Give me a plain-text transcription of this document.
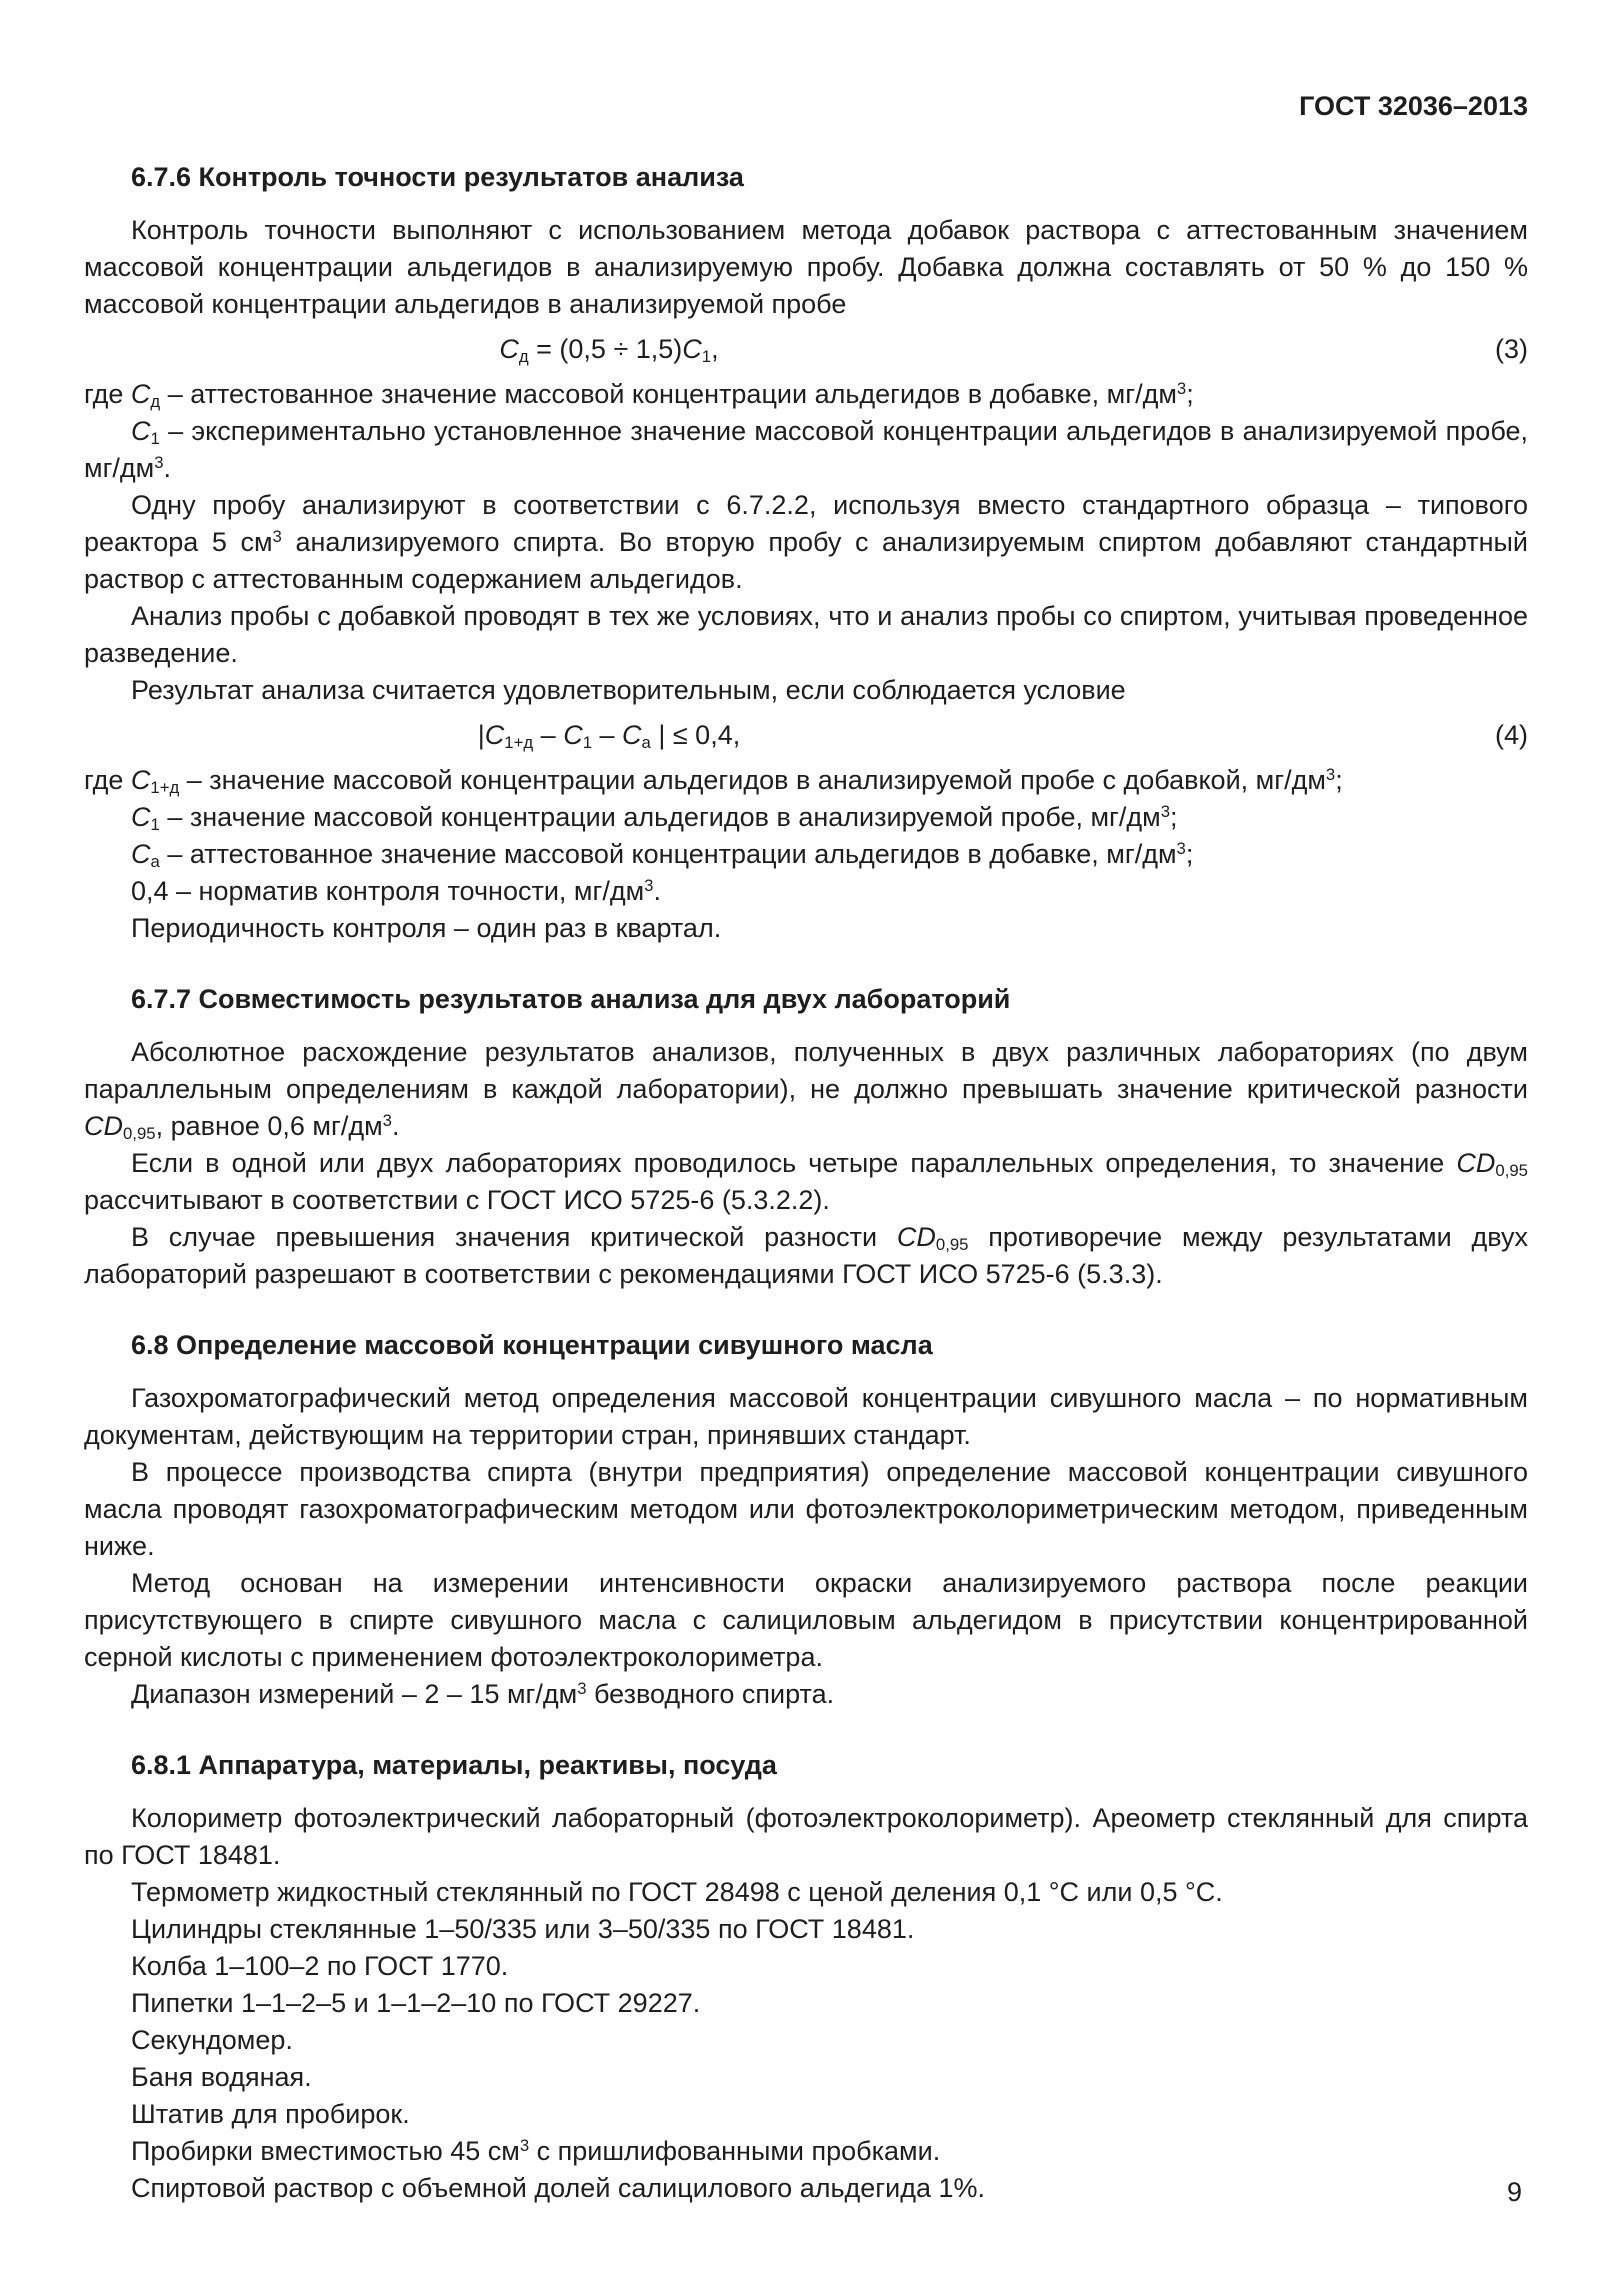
ГОСТ 32036–2013

6.7.6 Контроль точности результатов анализа

Контроль точности выполняют с использованием метода добавок раствора с аттестованным значением массовой концентрации альдегидов в анализируемую пробу. Добавка должна составлять от 50 % до 150 % массовой концентрации альдегидов в анализируемой пробе

$С_д = (0,5 \div 1,5)С_1$,	(3)

где $С_д$ – аттестованное значение массовой концентрации альдегидов в добавке, $мг/дм^3$;

$С_1$ – экспериментально установленное значение массовой концентрации альдегидов в анализируемой пробе, $мг/дм^3$.

Одну пробу анализируют в соответствии с 6.7.2.2, используя вместо стандартного образца – типового реактора 5 $см^3$ анализируемого спирта. Во вторую пробу с анализируемым спиртом добавляют стандартный раствор с аттестованным содержанием альдегидов.

Анализ пробы с добавкой проводят в тех же условиях, что и анализ пробы со спиртом, учитывая проведенное разведение.

Результат анализа считается удовлетворительным, если соблюдается условие

$|С_{1+д} - С_1 - С_а$ | ≤ 0,4,	(4)

где $С_{1+д}$ – значение массовой концентрации альдегидов в анализируемой пробе с добавкой, $мг/дм^3$;

$С_1$ – значение массовой концентрации альдегидов в анализируемой пробе, $мг/дм^3$;

$С_а$ – аттестованное значение массовой концентрации альдегидов в добавке, $мг/дм^3$;

0,4 – норматив контроля точности, $мг/дм^3$.

Периодичность контроля – один раз в квартал.

6.7.7 Совместимость результатов анализа для двух лабораторий

Абсолютное расхождение результатов анализов, полученных в двух различных лабораториях (по двум параллельным определениям в каждой лаборатории), не должно превышать значение критической разности $CD_{0,95}$, равное 0,6 $мг/дм^3$.

Если в одной или двух лабораториях проводилось четыре параллельных определения, то значение $CD_{0,95}$ рассчитывают в соответствии с ГОСТ ИСО 5725-6 (5.3.2.2).

В случае превышения значения критической разности $CD_{0,95}$ противоречие между результатами двух лабораторий разрешают в соответствии с рекомендациями ГОСТ ИСО 5725-6 (5.3.3).

6.8 Определение массовой концентрации сивушного масла

Газохроматографический метод определения массовой концентрации сивушного масла – по нормативным документам, действующим на территории стран, принявших стандарт.

В процессе производства спирта (внутри предприятия) определение массовой концентрации сивушного масла проводят газохроматографическим методом или фотоэлектроколориметрическим методом, приведенным ниже.

Метод основан на измерении интенсивности окраски анализируемого раствора после реакции присутствующего в спирте сивушного масла с салициловым альдегидом в присутствии концентрированной серной кислоты с применением фотоэлектроколориметра.

Диапазон измерений – 2 – 15 $мг/дм^3$ безводного спирта.

6.8.1 Аппаратура, материалы, реактивы, посуда

Колориметр фотоэлектрический лабораторный (фотоэлектроколориметр). Ареометр стеклянный для спирта по ГОСТ 18481.

Термометр жидкостный стеклянный по ГОСТ 28498 с ценой деления 0,1 °С или 0,5 °С.

Цилиндры стеклянные 1–50/335 или 3–50/335 по ГОСТ 18481.

Колба 1–100–2 по ГОСТ 1770.

Пипетки 1–1–2–5 и 1–1–2–10 по ГОСТ 29227.

Секундомер.

Баня водяная.

Штатив для пробирок.

Пробирки вместимостью 45 $см^3$ с пришлифованными пробками.

Спиртовой раствор с объемной долей салицилового альдегида 1%.	9
